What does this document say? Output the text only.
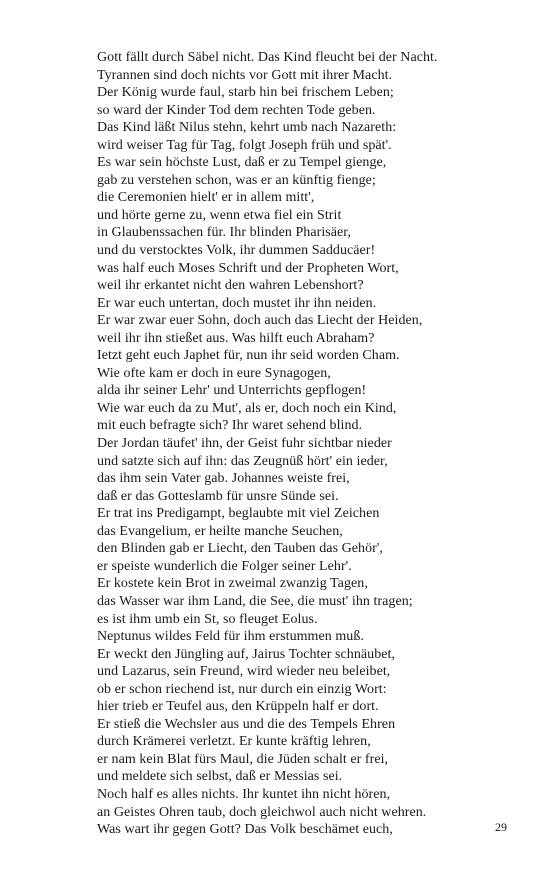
Gott fällt durch Säbel nicht. Das Kind fleucht bei der Nacht.
Tyrannen sind doch nichts vor Gott mit ihrer Macht.
Der König wurde faul, starb hin bei frischem Leben;
so ward der Kinder Tod dem rechten Tode geben.
Das Kind läßt Nilus stehn, kehrt umb nach Nazareth:
wird weiser Tag für Tag, folgt Joseph früh und spät'.
Es war sein höchste Lust, daß er zu Tempel gienge,
gab zu verstehen schon, was er an künftig fienge;
die Ceremonien hielt' er in allem mitt',
und hörte gerne zu, wenn etwa fiel ein Strit
in Glaubenssachen für. Ihr blinden Pharisäer,
und du verstocktes Volk, ihr dummen Sadducäer!
was half euch Moses Schrift und der Propheten Wort,
weil ihr erkantet nicht den wahren Lebenshort?
Er war euch untertan, doch mustet ihr ihn neiden.
Er war zwar euer Sohn, doch auch das Liecht der Heiden,
weil ihr ihn stießet aus. Was hilft euch Abraham?
Ietzt geht euch Japhet für, nun ihr seid worden Cham.
Wie ofte kam er doch in eure Synagogen,
alda ihr seiner Lehr' und Unterrichts gepflogen!
Wie war euch da zu Mut', als er, doch noch ein Kind,
mit euch befragte sich? Ihr waret sehend blind.
Der Jordan täufet' ihn, der Geist fuhr sichtbar nieder
und satzte sich auf ihn: das Zeugnüß hört' ein ieder,
das ihm sein Vater gab. Johannes weiste frei,
daß er das Gotteslamb für unsre Sünde sei.
Er trat ins Predigampt, beglaubte mit viel Zeichen
das Evangelium, er heilte manche Seuchen,
den Blinden gab er Liecht, den Tauben das Gehör',
er speiste wunderlich die Folger seiner Lehr'.
Er kostete kein Brot in zweimal zwanzig Tagen,
das Wasser war ihm Land, die See, die must' ihn tragen;
es ist ihm umb ein St, so fleuget Eolus.
Neptunus wildes Feld für ihm erstummen muß.
Er weckt den Jüngling auf, Jairus Tochter schnäubet,
und Lazarus, sein Freund, wird wieder neu beleibet,
ob er schon riechend ist, nur durch ein einzig Wort:
hier trieb er Teufel aus, den Krüppeln half er dort.
Er stieß die Wechsler aus und die des Tempels Ehren
durch Krämerei verletzt. Er kunte kräftig lehren,
er nam kein Blat fürs Maul, die Jüden schalt er frei,
und meldete sich selbst, daß er Messias sei.
Noch half es alles nichts. Ihr kuntet ihn nicht hören,
an Geistes Ohren taub, doch gleichwol auch nicht wehren.
Was wart ihr gegen Gott? Das Volk beschämet euch,	29
